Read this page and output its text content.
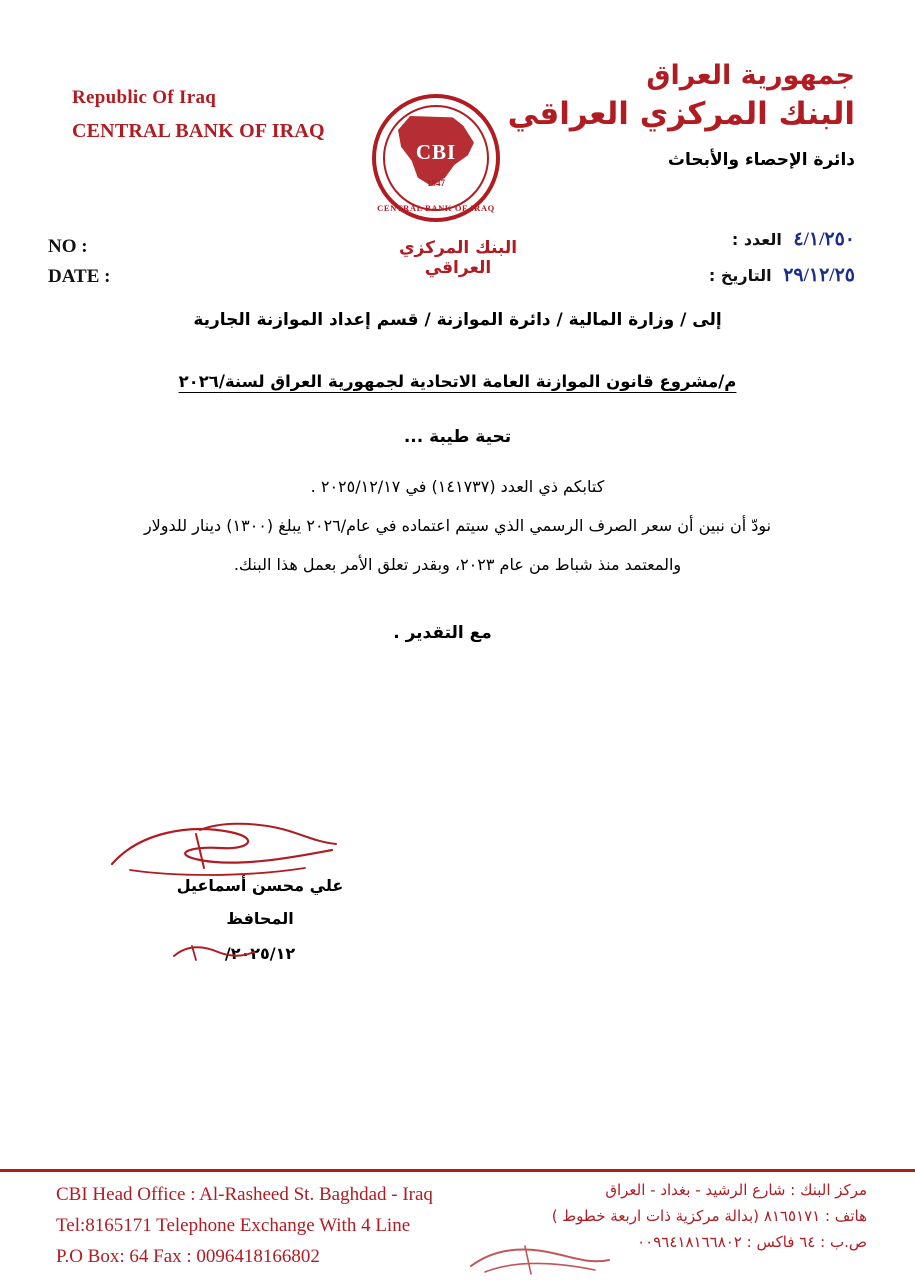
Republic Of Iraq
CENTRAL BANK OF IRAQ
CBI
1947
CENTRAL BANK OF IRAQ
البنك المركزي العراقي
جمهورية العراق
البنك المركزي العراقي
دائرة الإحصاء والأبحاث
NO :
DATE :
٤/١/٢٥٠ العدد :
٢٩/١٢/٢٥ التاريخ :
إلى / وزارة المالية / دائرة الموازنة / قسم إعداد الموازنة الجارية
م/مشروع قانون الموازنة العامة الاتحادية لجمهورية العراق لسنة/٢٠٢٦
تحية طيبة ...
كتابكم ذي العدد (١٤١٧٣٧) في ٢٠٢٥/١٢/١٧ .
نودّ أن نبين أن سعر الصرف الرسمي الذي سيتم اعتماده في عام/٢٠٢٦ يبلغ (١٣٠٠) دينار للدولار
والمعتمد منذ شباط من عام ٢٠٢٣، وبقدر تعلق الأمر بعمل هذا البنك.
مع التقدير .
علي محسن أسماعيل
المحافظ
٢٠٢٥/١٢/
CBI Head Office : Al-Rasheed St. Baghdad - Iraq
Tel:8165171 Telephone Exchange With 4 Line
P.O Box: 64 Fax : 0096418166802
مركز البنك : شارع الرشيد - بغداد - العراق
هاتف : ٨١٦٥١٧١ (بدالة مركزية ذات اربعة خطوط )
ص.ب : ٦٤ فاكس : ٠٠٩٦٤١٨١٦٦٨٠٢
